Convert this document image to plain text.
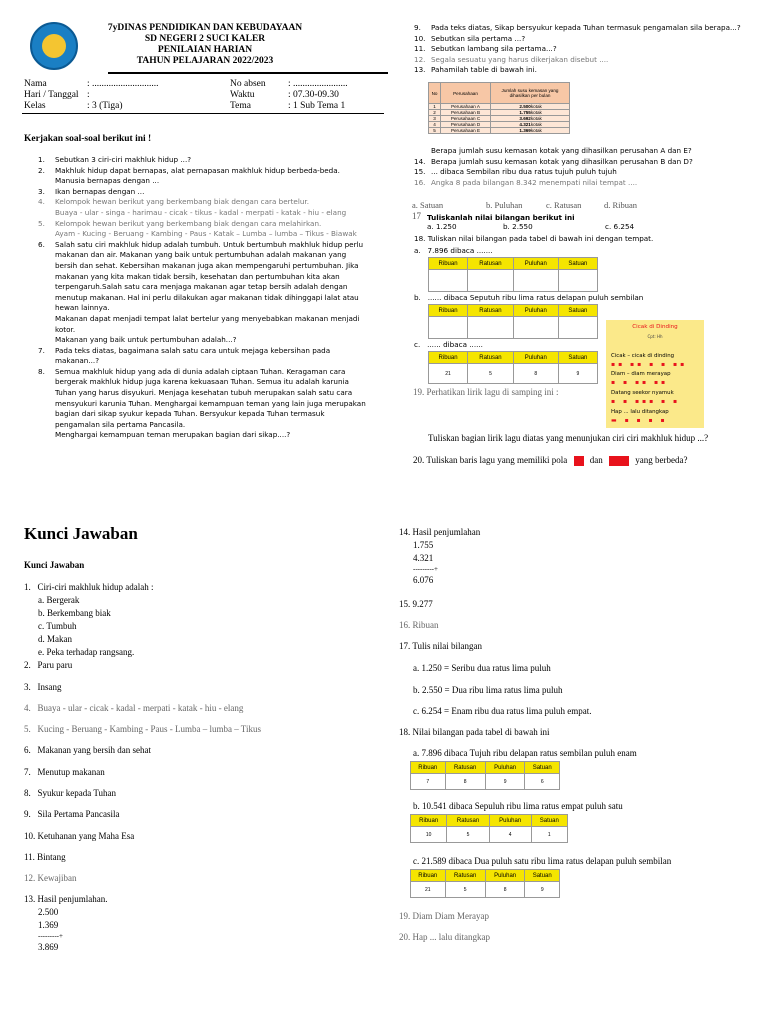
7yDINAS PENDIDIKAN DAN KEBUDAYAAN
SD NEGERI 2 SUCI KALER
PENILAIAN HARIAN
TAHUN PELAJARAN 2022/2023
Nama	: ............................
Hari / Tanggal :
Kelas	: 3 (Tiga)
No absen : .......................
Waktu	: 07.30-09.30
Tema	: 1 Sub Tema 1
Kerjakan soal-soal berikut ini !
1. Sebutkan 3 ciri-ciri makhluk hidup ...?
2. Makhluk hidup dapat bernapas, alat pernapasan makhluk hidup berbeda-beda.
Manusia bernapas dengan ...
3. Ikan bernapas dengan ...
4. Kelompok hewan berikut yang berkembang biak dengan cara bertelur.
Buaya - ular - singa - harimau - cicak - tikus - kadal - merpati - katak - hiu - elang
5. Kelompok hewan berikut yang berkembang biak dengan cara melahirkan.
Ayam - Kucing - Beruang - Kambing - Paus - Katak – Lumba – lumba – Tikus - Biawak
6. Salah satu ciri makhluk hidup adalah tumbuh. Untuk bertumbuh makhluk hidup perlu
makanan dan air. Makanan yang baik untuk pertumbuhan adalah makanan yang
bersih dan sehat. Kebersihan makanan juga akan mempengaruhi pertumbuhan. Jika
makanan yang kita makan tidak bersih, kesehatan dan pertumbuhan kita akan
terpengaruh.Salah satu cara menjaga makanan agar tetap bersih adalah dengan
menutup makanan. Hal ini perlu dilakukan agar makanan tidak dihinggapi lalat atau
hewan lainnya.
Makanan dapat menjadi tempat lalat bertelur yang menyebabkan makanan menjadi
kotor.
Makanan yang baik untuk pertumbuhan adalah...?
7. Pada teks diatas, bagaimana salah satu cara untuk mejaga kebersihan pada
makanan...?
8. Semua makhluk hidup yang ada di dunia adalah ciptaan Tuhan. Keragaman cara
bergerak makhluk hidup juga karena kekuasaan Tuhan. Semua itu adalah karunia
Tuhan yang harus disyukuri. Menjaga kesehatan tubuh merupakan salah satu cara
mensyukuri karunia Tuhan. Menghargai kemampuan teman yang lain juga merupakan
bagian dari sikap syukur kepada Tuhan. Bersyukur kepada Tuhan termasuk
pengamalan sila pertama Pancasila.
Menghargai kemampuan teman merupakan bagian dari sikap....?
9. Pada teks diatas, Sikap bersyukur kepada Tuhan termasuk pengamalan sila berapa...?
10. Sebutkan sila pertama ...?
11. Sebutkan lambang sila pertama...?
12. Segala sesuatu yang harus dikerjakan disebut ....
13. Pahamilah table di bawah ini.
No	Perusahaan	Jumlah susu kemasan yang dihasilkan per bulan	
1	Perusahaan A	2.500	kotak
2	Perusahaan B	1.755	kotak
3	Perusahaan C	3.692	kotak
4	Perusahaan D	4.321	kotak
5	Perusahaan E	1.369	kotak
Berapa jumlah susu kemasan kotak yang dihasilkan perusahan A dan E?
14. Berapa jumlah susu kemasan kotak yang dihasilkan perusahan B dan D?
15. ... dibaca Sembilan ribu dua ratus tujuh puluh tujuh
16. Angka 8 pada bilangan 8.342 menempati nilai tempat ....
a. Satuan	b. Puluhan	c. Ratusan	d. Ribuan
17 Tuliskanlah nilai bilangan berikut ini
a. 1.250	b. 2.550	c. 6.254
18. Tuliskan nilai bilangan pada tabel di bawah ini dengan tempat.
a.   7.896 dibaca .......
Ribuan	Ratusan	Puluhan	Satuan

b.   ...... dibaca Seputuh ribu lima ratus delapan puluh sembilan
Ribuan	Ratusan	Puluhan	Satuan

c.   ...... dibaca ......
Ribuan	Ratusan	Puluhan	Satuan
21	5	8	9
Cicak di Dinding
Cpt: Hh
Cicak – cicak di dinding
▪▪ ▪▪ ▪ ▪ ▪▪
Diam – diam merayap
▪ ▪ ▪▪ ▪▪
Datang seekor nyamuk
▪ ▪ ▪▪▪ ▪ ▪
Hap ... lalu ditangkap
▬ ▪ ▪ ▪ ▪
19. Perhatikan lirik lagu di samping ini :
Tuliskan bagian lirik lagu diatas yang menunjukan ciri ciri makhluk hidup ...?
20. Tuliskan baris lagu yang memiliki pola	dan	yang berbeda?
Kunci Jawaban
Kunci Jawaban
1.   Ciri-ciri makhluk hidup adalah :
a. Bergerak
b. Berkembang biak
c. Tumbuh
d. Makan
e. Peka terhadap rangsang.
2.   Paru paru
3.   Insang
4.   Buaya - ular - cicak - kadal - merpati - katak - hiu - elang
5.   Kucing - Beruang - Kambing - Paus - Lumba – lumba – Tikus
6.   Makanan yang bersih dan sehat
7.   Menutup makanan
8.   Syukur kepada Tuhan
9.   Sila Pertama Pancasila
10. Ketuhanan yang Maha Esa
11. Bintang
12. Kewajiban
13. Hasil penjumlahan.
2.500
1.369
---------+
3.869
14. Hasil penjumlahan
1.755
4.321
---------+
6.076
15. 9.277
16. Ribuan
17. Tulis nilai bilangan
a. 1.250 = Seribu dua ratus lima puluh
b. 2.550 = Dua ribu lima ratus lima puluh
c. 6.254 = Enam ribu dua ratus lima puluh empat.
18. Nilai bilangan pada tabel di bawah ini
a. 7.896 dibaca Tujuh ribu delapan ratus sembilan puluh enam
Ribuan	Ratusan	Puluhan	Satuan
7	8	9	6
b. 10.541 dibaca Sepuluh ribu lima ratus empat puluh satu
Ribuan	Ratusan	Puluhan	Satuan
10	5	4	1
c. 21.589 dibaca Dua puluh satu ribu lima ratus delapan puluh sembilan
Ribuan	Ratusan	Puluhan	Satuan
21	5	8	9
19. Diam Diam Merayap
20. Hap ... lalu ditangkap
